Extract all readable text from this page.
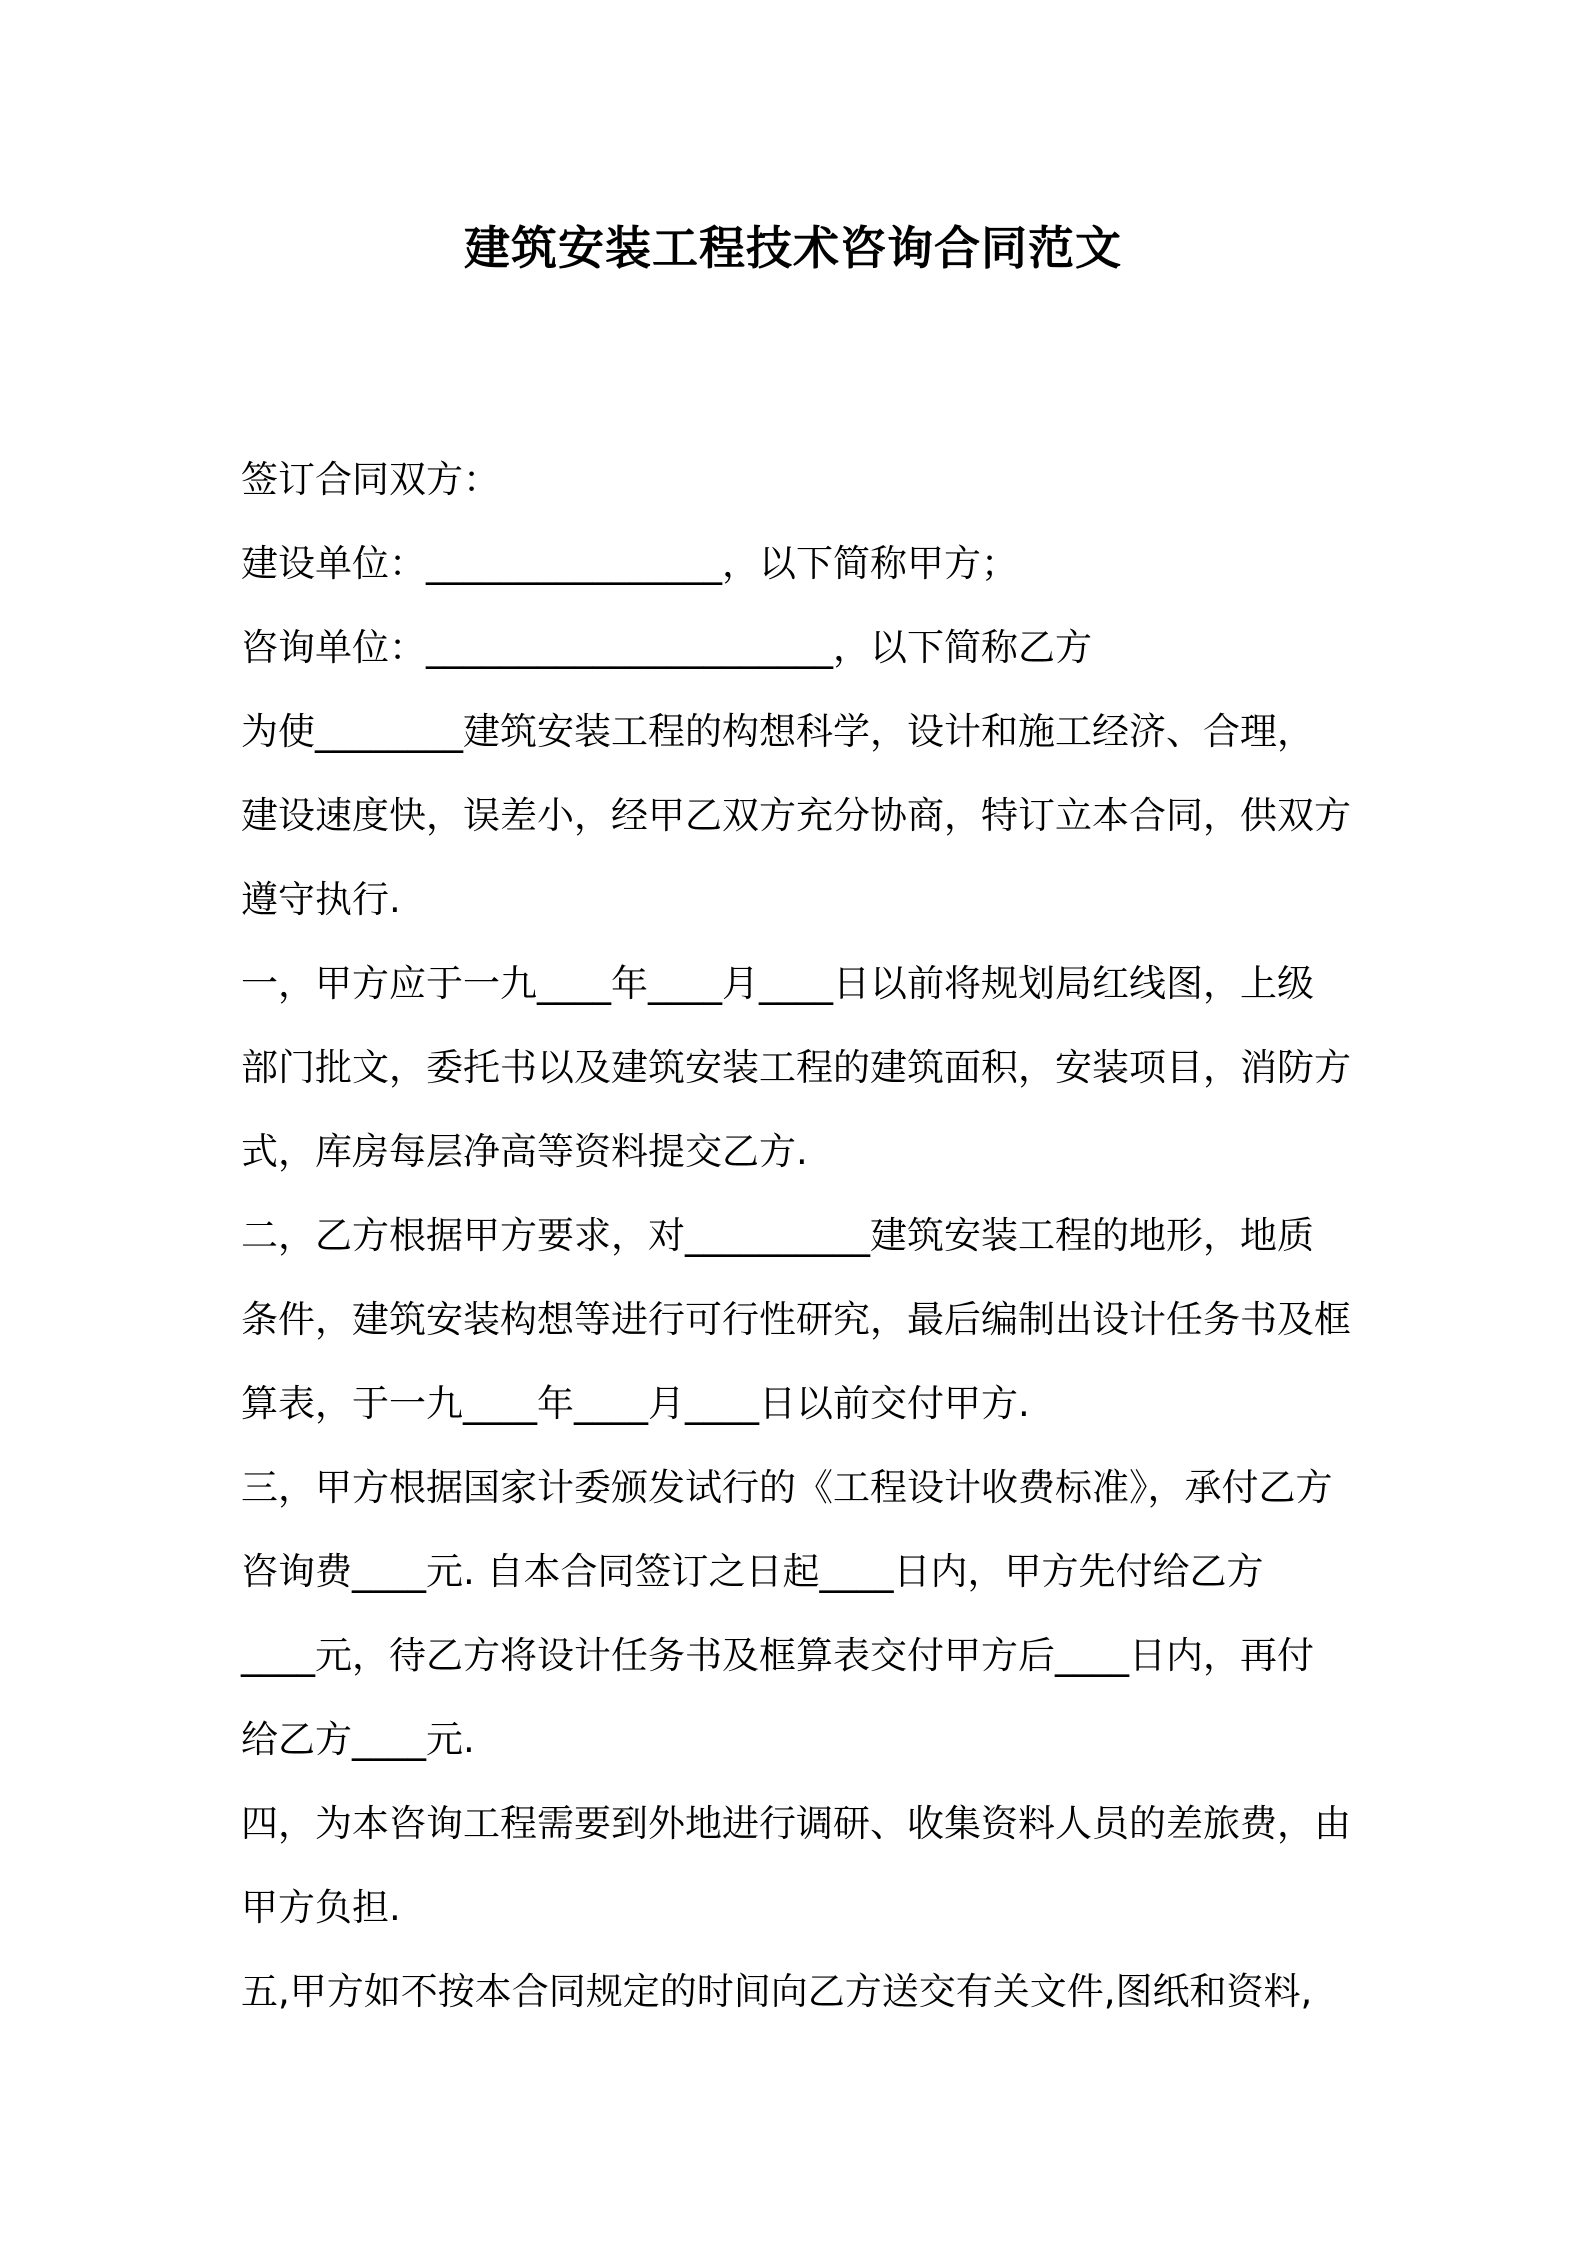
建筑安装工程技术咨询合同范文
签订合同双方：
建设单位：________________，以下简称甲方；
咨询单位：______________________，以下简称乙方
为使________建筑安装工程的构想科学，设计和施工经济、合理，
建设速度快，误差小，经甲乙双方充分协商，特订立本合同，供双方
遵守执行.
一，甲方应于一九____年____月____日以前将规划局红线图，上级
部门批文，委托书以及建筑安装工程的建筑面积，安装项目，消防方
式，库房每层净高等资料提交乙方.
二，乙方根据甲方要求，对__________建筑安装工程的地形，地质
条件，建筑安装构想等进行可行性研究，最后编制出设计任务书及框
算表，于一九____年____月____日以前交付甲方.
三，甲方根据国家计委颁发试行的《工程设计收费标准》，承付乙方
咨询费____元. 自本合同签订之日起____日内，甲方先付给乙方
____元，待乙方将设计任务书及框算表交付甲方后____日内，再付
给乙方____元.
四，为本咨询工程需要到外地进行调研、收集资料人员的差旅费，由
甲方负担.
五,甲方如不按本合同规定的时间向乙方送交有关文件,图纸和资料,
